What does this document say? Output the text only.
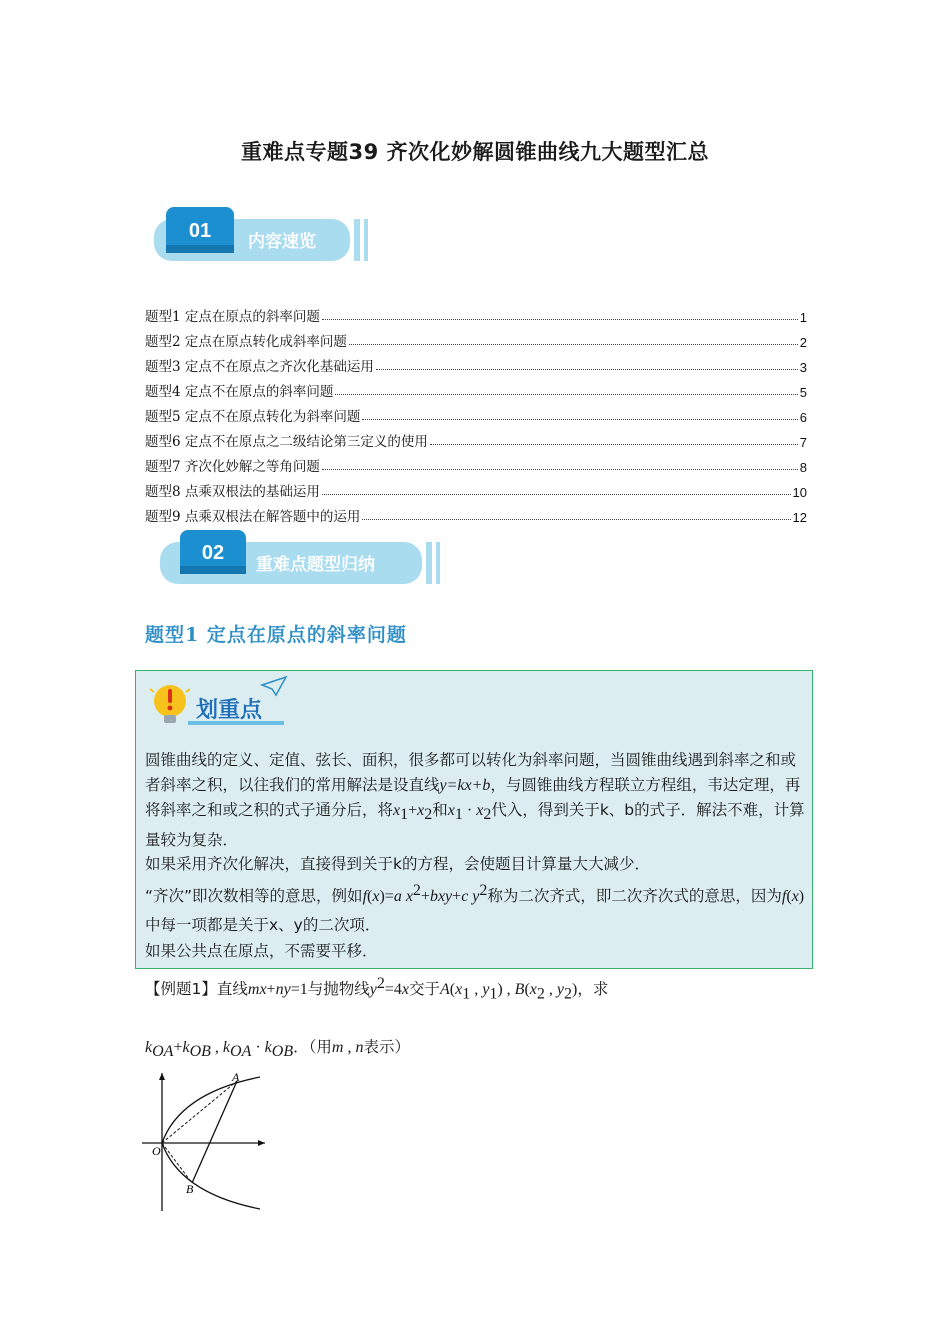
重难点专题39 齐次化妙解圆锥曲线九大题型汇总
01 内容速览
题型1 定点在原点的斜率问题	1
题型2 定点在原点转化成斜率问题	2
题型3 定点不在原点之齐次化基础运用	3
题型4 定点不在原点的斜率问题	5
题型5 定点不在原点转化为斜率问题	6
题型6 定点不在原点之二级结论第三定义的使用	7
题型7 齐次化妙解之等角问题	8
题型8 点乘双根法的基础运用	10
题型9 点乘双根法在解答题中的运用	12
02
重难点题型归纳
题型1 定点在原点的斜率问题
划重点

圆锥曲线的定义、定值、弦长、面积，很多都可以转化为斜率问题，当圆锥曲线遇到斜率之和或者斜率之积，以往我们的常用解法是设直线y=kx+b，与圆锥曲线方程联立方程组，韦达定理，再将斜率之和或之积的式子通分后，将$x_1+x_2$和$x_1 \cdot x_2$代入，得到关于k、b的式子．解法不难，计算量较为复杂．

如果采用齐次化解决，直接得到关于k的方程，会使题目计算量大大减少．

“齐次”即次数相等的意思，例如f(x)=a $x^2+bxy+c$ $y^2$称为二次齐式，即二次齐次式的意思，因为f(x)中每一项都是关于x、y的二次项．

如果公共点在原点，不需要平移．

【例题1】直线mx+ny=1与抛物线$y^2=4x$交于$A(x_1$ , $y_1$) , $B(x_2$ , $y_2$)，求
$k_{OA}+k_{OB}$ , $k_{OA} \cdot k_{OB}$．（用m , n表示）
A
B
O
